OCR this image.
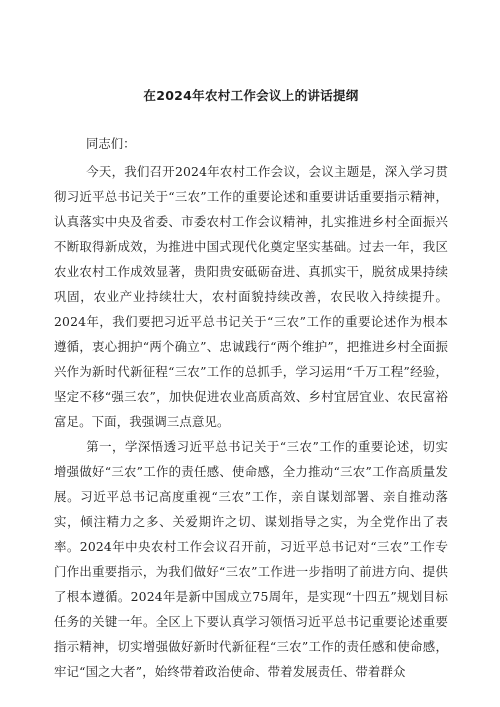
在2024年农村工作会议上的讲话提纲
同志们：

今天，我们召开2024年农村工作会议，会议主题是，深入学习贯彻习近平总书记关于“三农”工作的重要论述和重要讲话重要指示精神，认真落实中央及省委、市委农村工作会议精神，扎实推进乡村全面振兴不断取得新成效，为推进中国式现代化奠定坚实基础。过去一年，我区农业农村工作成效显著，贵阳贵安砥砺奋进、真抓实干，脱贫成果持续巩固，农业产业持续壮大，农村面貌持续改善，农民收入持续提升。2024年，我们要把习近平总书记关于“三农”工作的重要论述作为根本遵循，衷心拥护“两个确立”、忠诚践行“两个维护”，把推进乡村全面振兴作为新时代新征程“三农”工作的总抓手，学习运用“千万工程”经验，坚定不移“强三农”，加快促进农业高质高效、乡村宜居宜业、农民富裕富足。下面，我强调三点意见。

第一，学深悟透习近平总书记关于“三农”工作的重要论述，切实增强做好“三农”工作的责任感、使命感，全力推动“三农”工作高质量发展。习近平总书记高度重视“三农”工作，亲自谋划部署、亲自推动落实，倾注精力之多、关爱期许之切、谋划指导之实，为全党作出了表率。2024年中央农村工作会议召开前，习近平总书记对“三农”工作专门作出重要指示，为我们做好“三农”工作进一步指明了前进方向、提供了根本遵循。2024年是新中国成立75周年，是实现“十四五”规划目标任务的关键一年。全区上下要认真学习领悟习近平总书记重要论述重要指示精神，切实增强做好新时代新征程“三农”工作的责任感和使命感，牢记“国之大者”，始终带着政治使命、带着发展责任、带着群众
